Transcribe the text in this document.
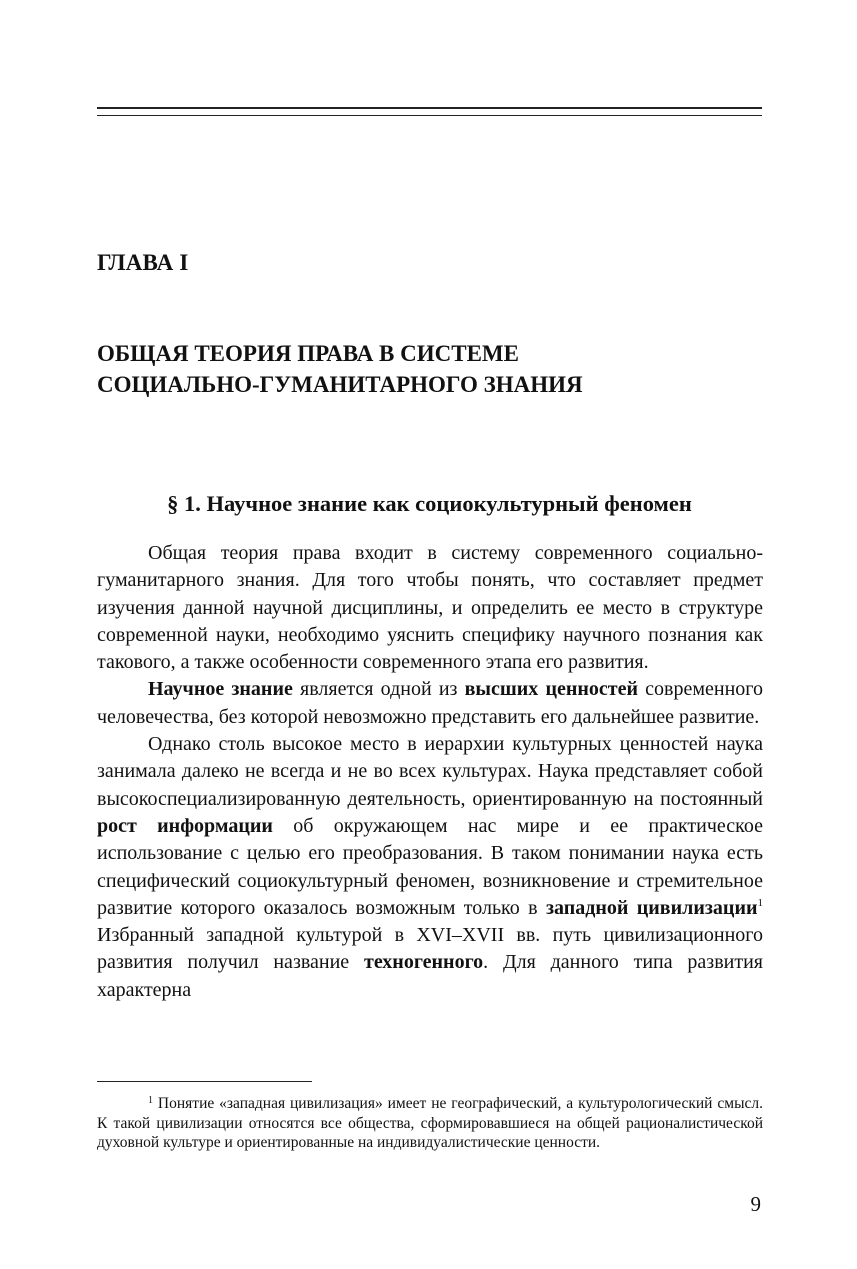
ГЛАВА I
ОБЩАЯ ТЕОРИЯ ПРАВА В СИСТЕМЕ
СОЦИАЛЬНО-ГУМАНИТАРНОГО ЗНАНИЯ
§ 1. Научное знание как социокультурный феномен

Общая теория права входит в систему современного социально-гуманитарного знания. Для того чтобы понять, что составляет предмет изучения данной научной дисциплины, и определить ее место в структуре современной науки, необходимо уяснить специфику научного познания как такового, а также особенности современного этапа его развития.

Научное знание является одной из высших ценностей современного человечества, без которой невозможно представить его дальнейшее развитие.

Однако столь высокое место в иерархии культурных ценностей наука занимала далеко не всегда и не во всех культурах. Наука представляет собой высокоспециализированную деятельность, ориентированную на постоянный рост информации об окружающем нас мире и ее практическое использование с целью его преобразования. В таком понимании наука есть специфический социокультурный феномен, возникновение и стремительное развитие которого оказалось возможным только в западной цивилизации$^1$ Избранный западной культурой в XVI–XVII вв. путь цивилизационного развития получил название техногенного. Для данного типа развития характерна

$^1$ Понятие «западная цивилизация» имеет не географический, а культурологический смысл. К такой цивилизации относятся все общества, сформировавшиеся на общей рационалистической духовной культуре и ориентированные на индивидуалистические ценности.

9
